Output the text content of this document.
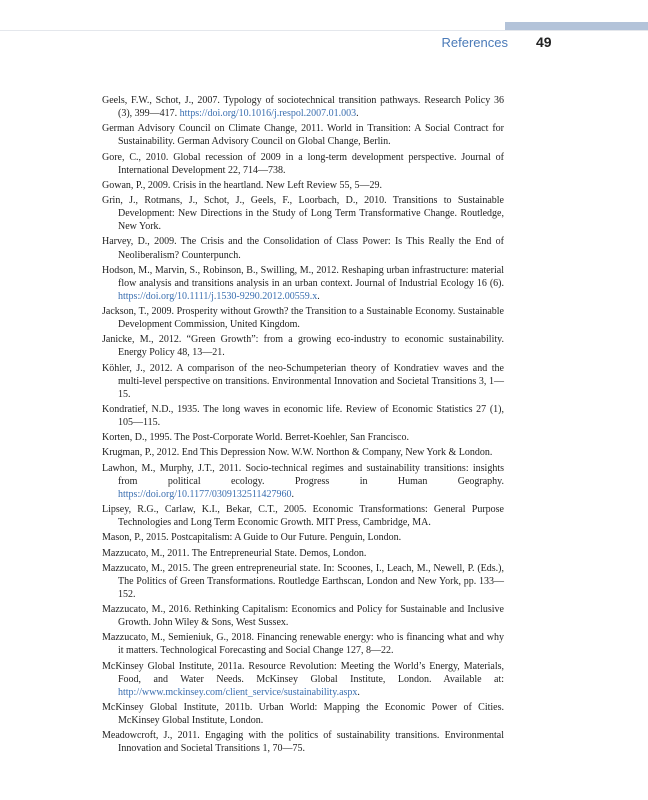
References 49
Geels, F.W., Schot, J., 2007. Typology of sociotechnical transition pathways. Research Policy 36 (3), 399—417. https://doi.org/10.1016/j.respol.2007.01.003.
German Advisory Council on Climate Change, 2011. World in Transition: A Social Contract for Sustainability. German Advisory Council on Global Change, Berlin.
Gore, C., 2010. Global recession of 2009 in a long-term development perspective. Journal of International Development 22, 714—738.
Gowan, P., 2009. Crisis in the heartland. New Left Review 55, 5—29.
Grin, J., Rotmans, J., Schot, J., Geels, F., Loorbach, D., 2010. Transitions to Sustainable Development: New Directions in the Study of Long Term Transformative Change. Routledge, New York.
Harvey, D., 2009. The Crisis and the Consolidation of Class Power: Is This Really the End of Neoliberalism? Counterpunch.
Hodson, M., Marvin, S., Robinson, B., Swilling, M., 2012. Reshaping urban infrastructure: material flow analysis and transitions analysis in an urban context. Journal of Industrial Ecology 16 (6). https://doi.org/10.1111/j.1530-9290.2012.00559.x.
Jackson, T., 2009. Prosperity without Growth? the Transition to a Sustainable Economy. Sustainable Development Commission, United Kingdom.
Janicke, M., 2012. “Green Growth”: from a growing eco-industry to economic sustainability. Energy Policy 48, 13—21.
Köhler, J., 2012. A comparison of the neo-Schumpeterian theory of Kondratiev waves and the multi-level perspective on transitions. Environmental Innovation and Societal Transitions 3, 1—15.
Kondratief, N.D., 1935. The long waves in economic life. Review of Economic Statistics 27 (1), 105—115.
Korten, D., 1995. The Post-Corporate World. Berret-Koehler, San Francisco.
Krugman, P., 2012. End This Depression Now. W.W. Northon & Company, New York & London.
Lawhon, M., Murphy, J.T., 2011. Socio-technical regimes and sustainability transitions: insights from political ecology. Progress in Human Geography. https://doi.org/10.1177/0309132511427960.
Lipsey, R.G., Carlaw, K.I., Bekar, C.T., 2005. Economic Transformations: General Purpose Technologies and Long Term Economic Growth. MIT Press, Cambridge, MA.
Mason, P., 2015. Postcapitalism: A Guide to Our Future. Penguin, London.
Mazzucato, M., 2011. The Entrepreneurial State. Demos, London.
Mazzucato, M., 2015. The green entrepreneurial state. In: Scoones, I., Leach, M., Newell, P. (Eds.), The Politics of Green Transformations. Routledge Earthscan, London and New York, pp. 133—152.
Mazzucato, M., 2016. Rethinking Capitalism: Economics and Policy for Sustainable and Inclusive Growth. John Wiley & Sons, West Sussex.
Mazzucato, M., Semieniuk, G., 2018. Financing renewable energy: who is financing what and why it matters. Technological Forecasting and Social Change 127, 8—22.
McKinsey Global Institute, 2011a. Resource Revolution: Meeting the World’s Energy, Materials, Food, and Water Needs. McKinsey Global Institute, London. Available at: http://www.mckinsey.com/client_service/sustainability.aspx.
McKinsey Global Institute, 2011b. Urban World: Mapping the Economic Power of Cities. McKinsey Global Institute, London.
Meadowcroft, J., 2011. Engaging with the politics of sustainability transitions. Environmental Innovation and Societal Transitions 1, 70—75.
